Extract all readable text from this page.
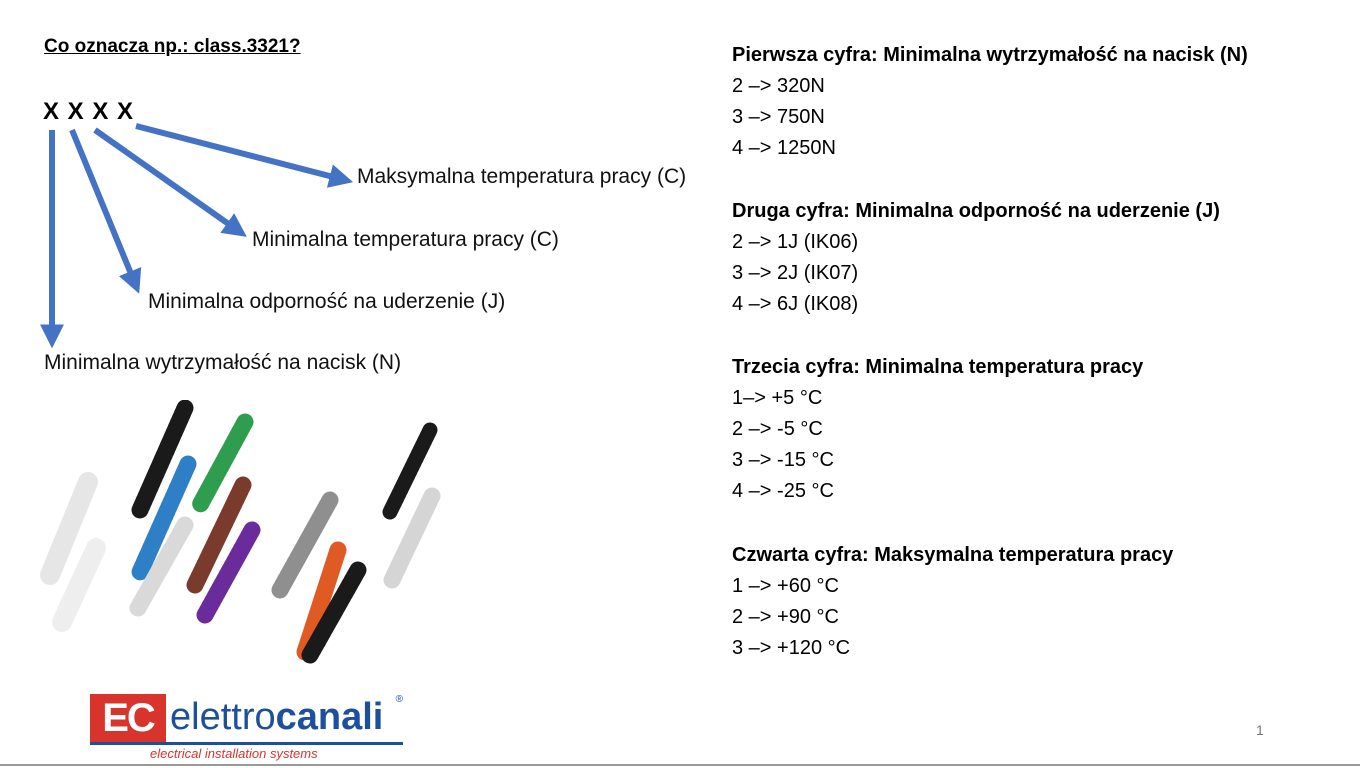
Co oznacza np.: class.3321?
X X X X
Maksymalna temperatura pracy (C)
Minimalna temperatura pracy (C)
Minimalna odporność na uderzenie (J)
Minimalna wytrzymałość na nacisk (N)
Pierwsza cyfra: Minimalna wytrzymałość na nacisk (N)
2 –> 320N
3 –> 750N
4 –> 1250N
Druga cyfra: Minimalna odporność na uderzenie (J)
2 –> 1J (IK06)
3 –> 2J (IK07)
4 –> 6J (IK08)
Trzecia cyfra: Minimalna temperatura pracy
1–> +5 °C
2 –> -5 °C
3 –> -15 °C
4 –> -25 °C
Czwarta cyfra: Maksymalna temperatura pracy
1 –> +60 °C
2 –> +90 °C
3 –> +120 °C
EC elettrocanali ®
electrical installation systems
1
